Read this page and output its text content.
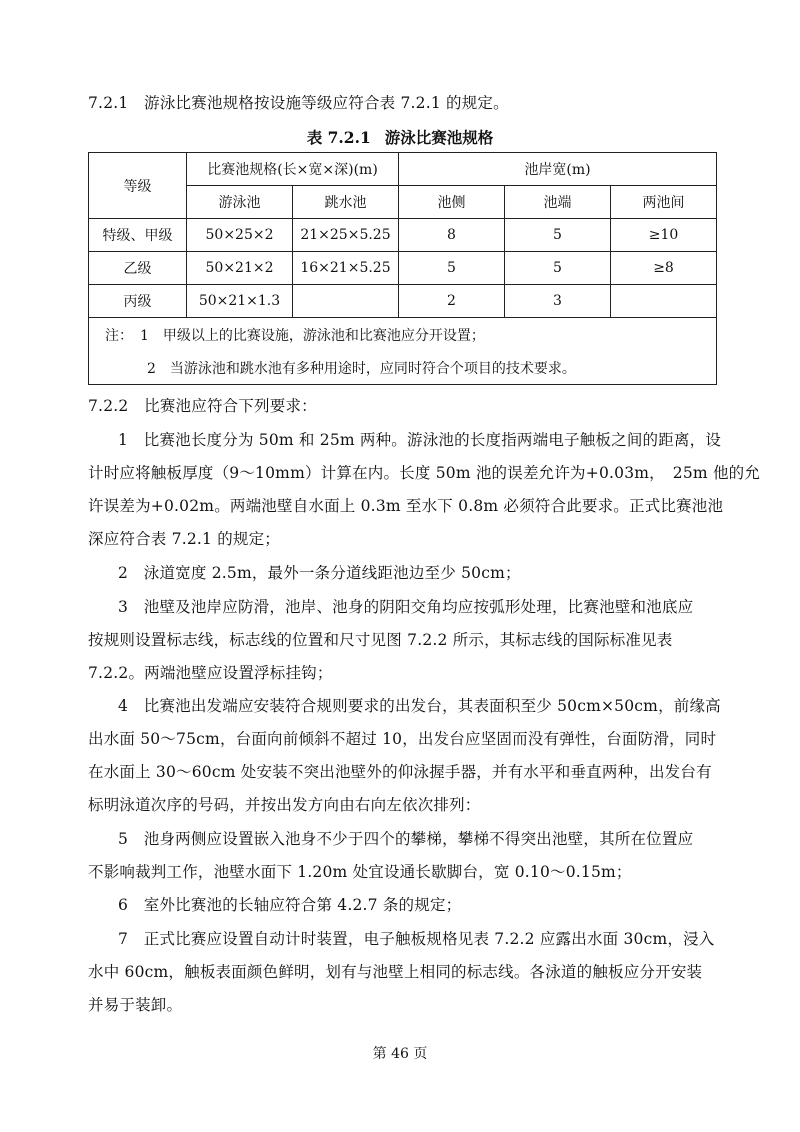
7.2.1　游泳比赛池规格按设施等级应符合表 7.2.1 的规定。
表 7.2.1 游泳比赛池规格
等级	比赛池规格(长×宽×深)(m)		池岸宽(m)		
	游泳池	跳水池	池侧	池端	两池间
特级、甲级	50×25×2	21×25×5.25	8	5	≥10
乙级	50×21×2	16×21×5.25	5	5	≥8
丙级	50×21×1.3		2	3	
注：　1　甲级以上的比赛设施，游泳池和比赛池应分开设置；					
　　　2　当游泳池和跳水池有多种用途时，应同时符合个项目的技术要求。					
7.2.2　比赛池应符合下列要求：
1　比赛池长度分为 50m 和 25m 两种。游泳池的长度指两端电子触板之间的距离，设
计时应将触板厚度（9～10mm）计算在内。长度 50m 池的误差允许为+0.03m，　25m 他的允
许误差为+0.02m。两端池壁自水面上 0.3m 至水下 0.8m 必须符合此要求。正式比赛池池
深应符合表 7.2.1 的规定；
2　泳道宽度 2.5m，最外一条分道线距池边至少 50cm；
3　池壁及池岸应防滑，池岸、池身的阴阳交角均应按弧形处理，比赛池壁和池底应
按规则设置标志线，标志线的位置和尺寸见图 7.2.2 所示，其标志线的国际标准见表
7.2.2。两端池壁应设置浮标挂钩；
4　比赛池出发端应安装符合规则要求的出发台，其表面积至少 50cm×50cm，前缘高
出水面 50～75cm，台面向前倾斜不超过 10，出发台应坚固而没有弹性，台面防滑，同时
在水面上 30～60cm 处安装不突出池壁外的仰泳握手器，并有水平和垂直两种，出发台有
标明泳道次序的号码，并按出发方向由右向左依次排列：
5　池身两侧应设置嵌入池身不少于四个的攀梯，攀梯不得突出池壁，其所在位置应
不影响裁判工作，池壁水面下 1.20m 处宜设通长歇脚台，宽 0.10～0.15m；
6　室外比赛池的长轴应符合第 4.2.7 条的规定；
7　正式比赛应设置自动计时装置，电子触板规格见表 7.2.2 应露出水面 30cm，浸入
水中 60cm，触板表面颜色鲜明，划有与池壁上相同的标志线。各泳道的触板应分开安装
并易于装卸。
第 46 页
